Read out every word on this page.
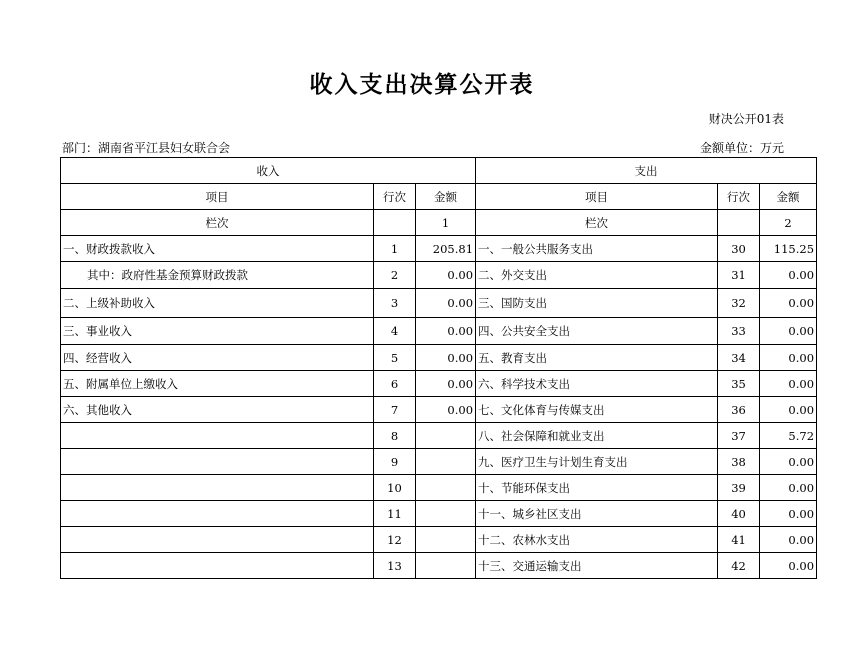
收入支出决算公开表
财决公开01表
部门：湖南省平江县妇女联合会	金额单位：万元
收入			支出		
项目	行次	金额	项目	行次	金额
栏次		1	栏次		2
一、财政拨款收入	1	205.81	一、一般公共服务支出	30	115.25
其中：政府性基金预算财政拨款	2	0.00	二、外交支出	31	0.00
二、上级补助收入	3	0.00	三、国防支出	32	0.00
三、事业收入	4	0.00	四、公共安全支出	33	0.00
四、经营收入	5	0.00	五、教育支出	34	0.00
五、附属单位上缴收入	6	0.00	六、科学技术支出	35	0.00
六、其他收入	7	0.00	七、文化体育与传媒支出	36	0.00
	8		八、社会保障和就业支出	37	5.72
	9		九、医疗卫生与计划生育支出	38	0.00
	10		十、节能环保支出	39	0.00
	11		十一、城乡社区支出	40	0.00
	12		十二、农林水支出	41	0.00
	13		十三、交通运输支出	42	0.00
